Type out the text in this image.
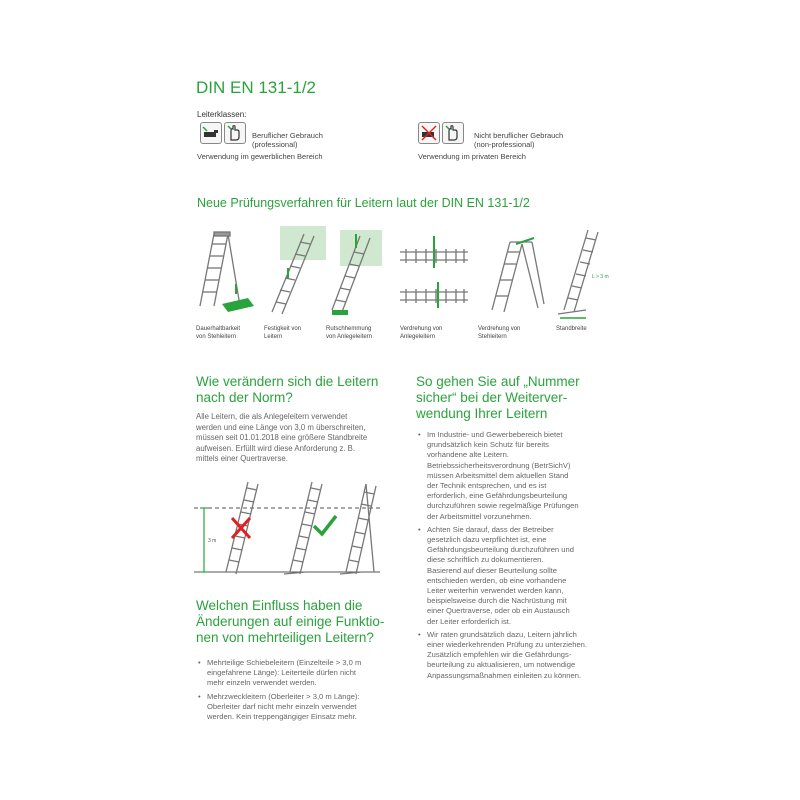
DIN EN 131-1/2
Leiterklassen:
Beruflicher Gebrauch
(professional)
Verwendung im gewerblichen Bereich
Nicht beruflicher Gebrauch
(non-professional)
Verwendung im privaten Bereich
Neue Prüfungsverfahren für Leitern laut der DIN EN 131-1/2
L > 3 m
Dauerhaltbarkeit
von Stehleitern
Festigkeit von
Leitern
Rutschhemmung
von Anlegeleitern
Verdrehung von
Anlegeleitern
Verdrehung von
Stehleitern
Standbreite
Wie verändern sich die Leitern
nach der Norm?
Alle Leitern, die als Anlegeleitern verwendet
werden und eine Länge von 3,0 m überschreiten,
müssen seit 01.01.2018 eine größere Standbreite
aufweisen. Erfüllt wird diese Anforderung z. B.
mittels einer Quertraverse.
3 m
Welchen Einfluss haben die
Änderungen auf einige Funktio-
nen von mehrteiligen Leitern?
• Mehrteilige Schiebeleitern (Einzelteile > 3,0 m
eingefahrene Länge): Leiterteile dürfen nicht
mehr einzeln verwendet werden.
• Mehrzweckleitern (Oberleiter > 3,0 m Länge):
Oberleiter darf nicht mehr einzeln verwendet
werden. Kein treppengängiger Einsatz mehr.
So gehen Sie auf „Nummer
sicher“ bei der Weiterver-
wendung Ihrer Leitern
• Im Industrie- und Gewerbebereich bietet
grundsätzlich kein Schutz für bereits
vorhandene alte Leitern.
Betriebssicherheitsverordnung (BetrSichV)
müssen Arbeitsmittel dem aktuellen Stand
der Technik entsprechen, und es ist
erforderlich, eine Gefährdungsbeurteilung
durchzuführen sowie regelmäßige Prüfungen
der Arbeitsmittel vorzunehmen.
• Achten Sie darauf, dass der Betreiber
gesetzlich dazu verpflichtet ist, eine
Gefährdungsbeurteilung durchzuführen und
diese schriftlich zu dokumentieren.
Basierend auf dieser Beurteilung sollte
entschieden werden, ob eine vorhandene
Leiter weiterhin verwendet werden kann,
beispielsweise durch die Nachrüstung mit
einer Quertraverse, oder ob ein Austausch
der Leiter erforderlich ist.
• Wir raten grundsätzlich dazu, Leitern jährlich
einer wiederkehrenden Prüfung zu unterziehen.
Zusätzlich empfehlen wir die Gefährdungs-
beurteilung zu aktualisieren, um notwendige
Anpassungsmaßnahmen einleiten zu können.
